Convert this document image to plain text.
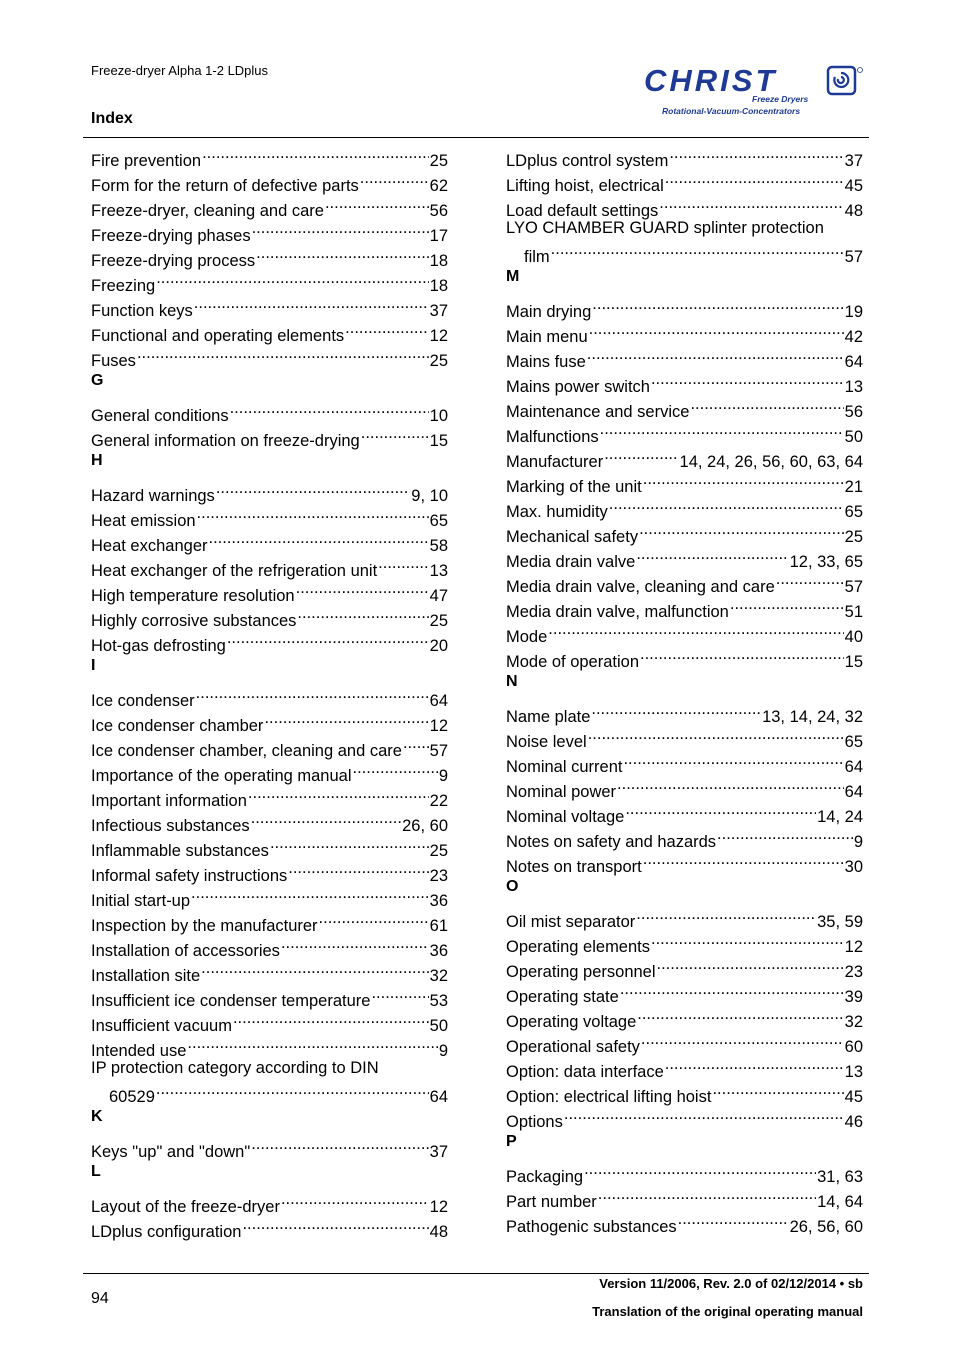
Freeze-dryer Alpha 1-2 LDplus
Index
CHRIST
Freeze Dryers
Rotational-Vacuum-Concentrators
Fire prevention .....	25
Form for the return of defective parts .....	62
Freeze-dryer, cleaning and care .....	56
Freeze-drying phases .....	17
Freeze-drying process .....	18
Freezing .....	18
Function keys .....	37
Functional and operating elements .....	12
Fuses .....	25
G
General conditions .....	10
General information on freeze-drying .....	15
H
Hazard warnings .....	9, 10
Heat emission .....	65
Heat exchanger .....	58
Heat exchanger of the refrigeration unit .....	13
High temperature resolution .....	47
Highly corrosive substances .....	25
Hot-gas defrosting .....	20
I
Ice condenser .....	64
Ice condenser chamber .....	12
Ice condenser chamber, cleaning and care ..... 57
Importance of the operating manual .....	9
Important information .....	22
Infectious substances .....	26, 60
Inflammable substances .....	25
Informal safety instructions .....	23
Initial start-up .....	36
Inspection by the manufacturer .....	61
Installation of accessories .....	36
Installation site .....	32
Insufficient ice condenser temperature .....	53
Insufficient vacuum .....	50
Intended use .....	9
IP protection category according to DIN
60529 .....	64
K
Keys "up" and "down" .....	37
L
Layout of the freeze-dryer .....	12
LDplus configuration .....	48
LDplus control system .....	37
Lifting hoist, electrical .....	45
Load default settings .....	48
LYO CHAMBER GUARD splinter protection
film .....	57
M
Main drying .....	19
Main menu .....	42
Mains fuse .....	64
Mains power switch .....	13
Maintenance and service .....	56
Malfunctions .....	50
Manufacturer .....	14, 24, 26, 56, 60, 63, 64
Marking of the unit .....	21
Max. humidity .....	65
Mechanical safety .....	25
Media drain valve .....	12, 33, 65
Media drain valve, cleaning and care .....	57
Media drain valve, malfunction .....	51
Mode .....	40
Mode of operation .....	15
N
Name plate .....	13, 14, 24, 32
Noise level .....	65
Nominal current .....	64
Nominal power .....	64
Nominal voltage .....	14, 24
Notes on safety and hazards .....	9
Notes on transport .....	30
O
Oil mist separator .....	35, 59
Operating elements .....	12
Operating personnel .....	23
Operating state .....	39
Operating voltage .....	32
Operational safety .....	60
Option: data interface .....	13
Option: electrical lifting hoist .....	45
Options .....	46
P
Packaging .....	31, 63
Part number .....	14, 64
Pathogenic substances .....	26, 56, 60
94
Version 11/2006, Rev. 2.0 of 02/12/2014 • sb
Translation of the original operating manual
